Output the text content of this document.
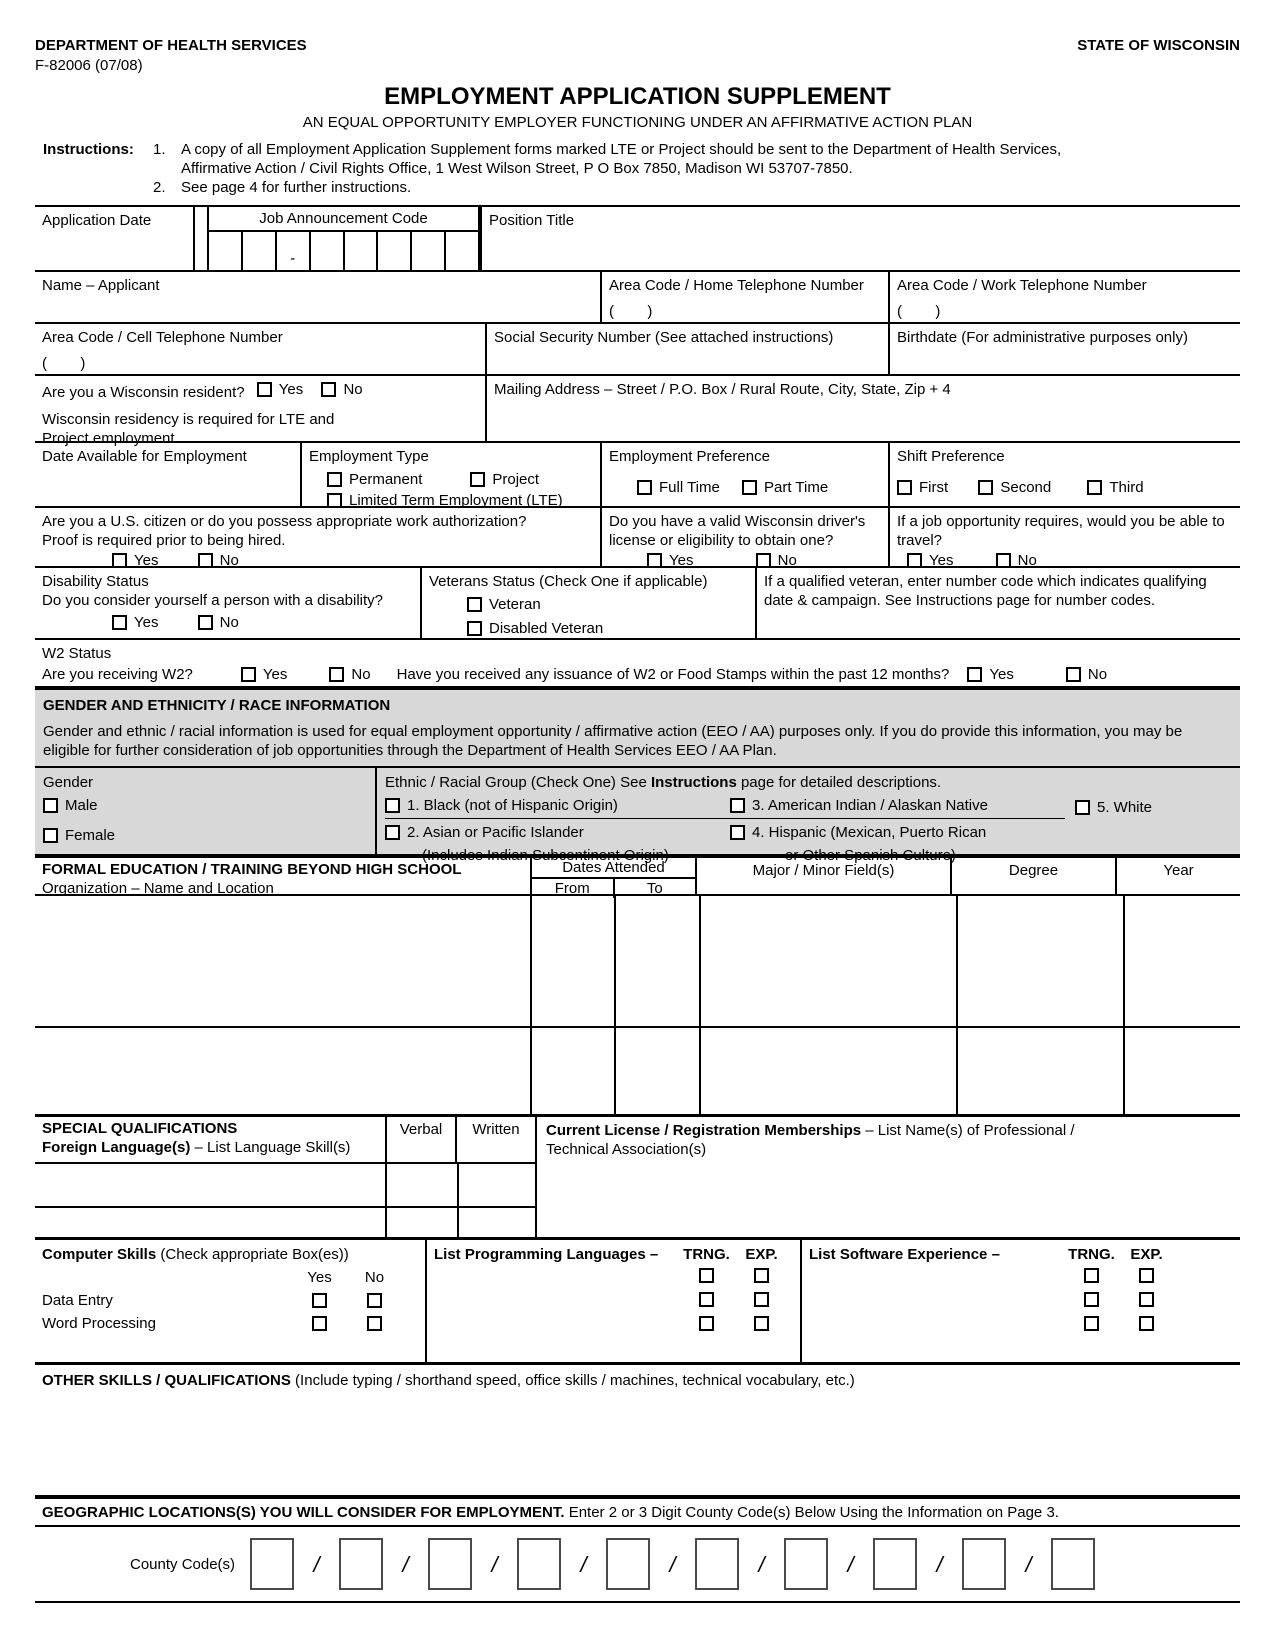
DEPARTMENT OF HEALTH SERVICES	STATE OF WISCONSIN
F-82006 (07/08)
EMPLOYMENT APPLICATION SUPPLEMENT
AN EQUAL OPPORTUNITY EMPLOYER FUNCTIONING UNDER AN AFFIRMATIVE ACTION PLAN
Instructions:	1.	A copy of all Employment Application Supplement forms marked LTE or Project should be sent to the Department of Health Services,
Affirmative Action / Civil Rights Office, 1 West Wilson Street, P O Box 7850, Madison WI 53707-7850.
2.	See page 4 for further instructions.
Application Date	Job Announcement Code
-
Position Title
Name – Applicant	Area Code / Home Telephone Number
(        )
Area Code / Work Telephone Number
(        )
Area Code / Cell Telephone Number
(        )
Social Security Number (See attached instructions)	Birthdate (For administrative purposes only)
Are you a Wisconsin resident? Yes
	No
Wisconsin residency is required for LTE and
Project employment
Mailing Address – Street / P.O. Box / Rural Route, City, State, Zip + 4
Date Available for Employment	Employment Type
Permanent	Project
Limited Term Employment (LTE)
Employment Preference
Full Time
	Part Time
Shift Preference
First
	Second
	Third
Are you a U.S. citizen or do you possess appropriate work authorization?
Proof is required prior to being hired.
Yes
	No
Do you have a valid Wisconsin driver's license or eligibility to obtain one?
Yes
	No
If a job opportunity requires, would you be able to travel?
Yes
	No
Disability Status
Do you consider yourself a person with a disability?
Yes
	No
Veterans Status (Check One if applicable)
Veteran
Disabled Veteran
If a qualified veteran, enter number code which indicates qualifying date & campaign. See Instructions page for number codes.
W2 Status
Are you receiving W2?	Yes	No Have you received any issuance of W2 or Food Stamps within the past 12 months?	Yes	No
GENDER AND ETHNICITY / RACE INFORMATION
Gender and ethnic / racial information is used for equal employment opportunity / affirmative action (EEO / AA) purposes only. If you do provide this information, you may be eligible for further consideration of job opportunities through the Department of Health Services EEO / AA Plan.
Gender
Male
Female
Ethnic / Racial Group (Check One) See Instructions page for detailed descriptions.
1. Black (not of Hispanic Origin)	3. American Indian / Alaskan Native	5. White
2. Asian or Pacific Islander	4. Hispanic (Mexican, Puerto Rican
(Includes Indian Subcontinent Origin)	or Other Spanish Culture)
FORMAL EDUCATION / TRAINING BEYOND HIGH SCHOOL
Organization – Name and Location
Dates Attended
From	To
Major / Minor Field(s)	Degree	Year
SPECIAL QUALIFICATIONS
Foreign Language(s) – List Language Skill(s)
Verbal	Written	Current License / Registration Memberships – List Name(s) of Professional /
Technical Association(s)
Computer Skills (Check appropriate Box(es))
Yes	No
Data Entry
Word Processing
List Programming Languages –	TRNG.	EXP.	List Software Experience –	TRNG.	EXP.
OTHER SKILLS / QUALIFICATIONS (Include typing / shorthand speed, office skills / machines, technical vocabulary, etc.)
GEOGRAPHIC LOCATIONS(S) YOU WILL CONSIDER FOR EMPLOYMENT. Enter 2 or 3 Digit County Code(s) Below Using the Information on Page 3.
County Code(s)	/	/	/	/	/	/	/	/	/
